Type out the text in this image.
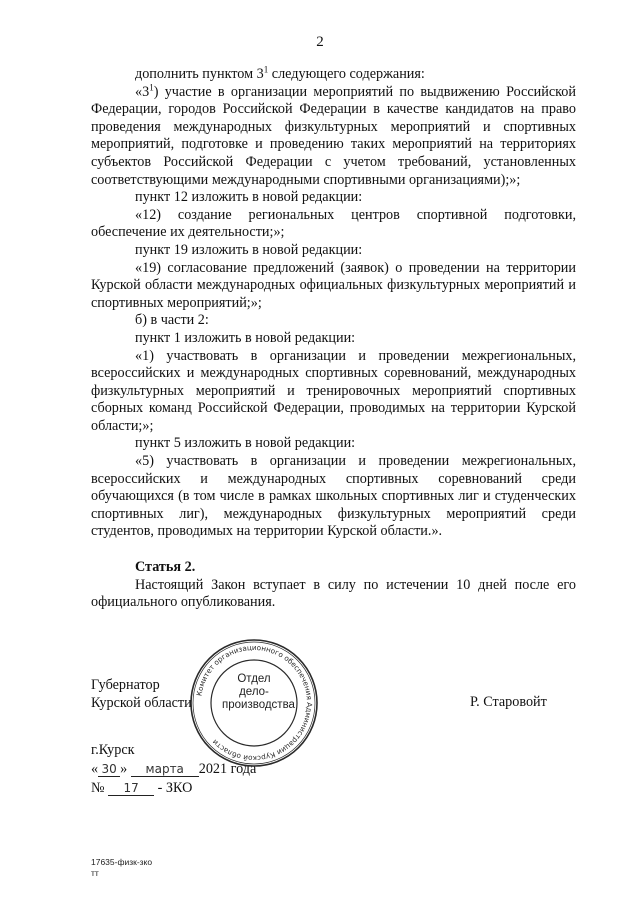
2

дополнить пунктом $3^1$ следующего содержания:

«$3^1$) участие в организации мероприятий по выдвижению Российской Федерации, городов Российской Федерации в качестве кандидатов на право проведения международных физкультурных мероприятий и спортивных мероприятий, подготовке и проведению таких мероприятий на территориях субъектов Российской Федерации с учетом требований, установленных соответствующими международными спортивными организациями);»;

пункт 12 изложить в новой редакции:

«12) создание региональных центров спортивной подготовки, обеспечение их деятельности;»;

пункт 19 изложить в новой редакции:

«19) согласование предложений (заявок) о проведении на территории Курской области международных официальных физкультурных мероприятий и спортивных мероприятий;»;

б) в части 2:

пункт 1 изложить в новой редакции:

«1) участвовать в организации и проведении межрегиональных, всероссийских и международных спортивных соревнований, международных физкультурных мероприятий и тренировочных мероприятий спортивных сборных команд Российской Федерации, проводимых на территории Курской области;»;

пункт 5 изложить в новой редакции:

«5) участвовать в организации и проведении межрегиональных, всероссийских и международных спортивных соревнований среди обучающихся (в том числе в рамках школьных спортивных лиг и студенческих спортивных лиг), международных физкультурных мероприятий среди студентов, проводимых на территории Курской области.».

Статья 2.

Настоящий Закон вступает в силу по истечении 10 дней после его официального опубликования.

Губернатор
Курской области	Р. Старовойт
г.Курск
« 30 » марта 2021 года
№ 17 - ЗКО
Комитет организационного обеспечения Администрации Курской области
Отдел
дело-
производства
17635-физк-зко
тт
